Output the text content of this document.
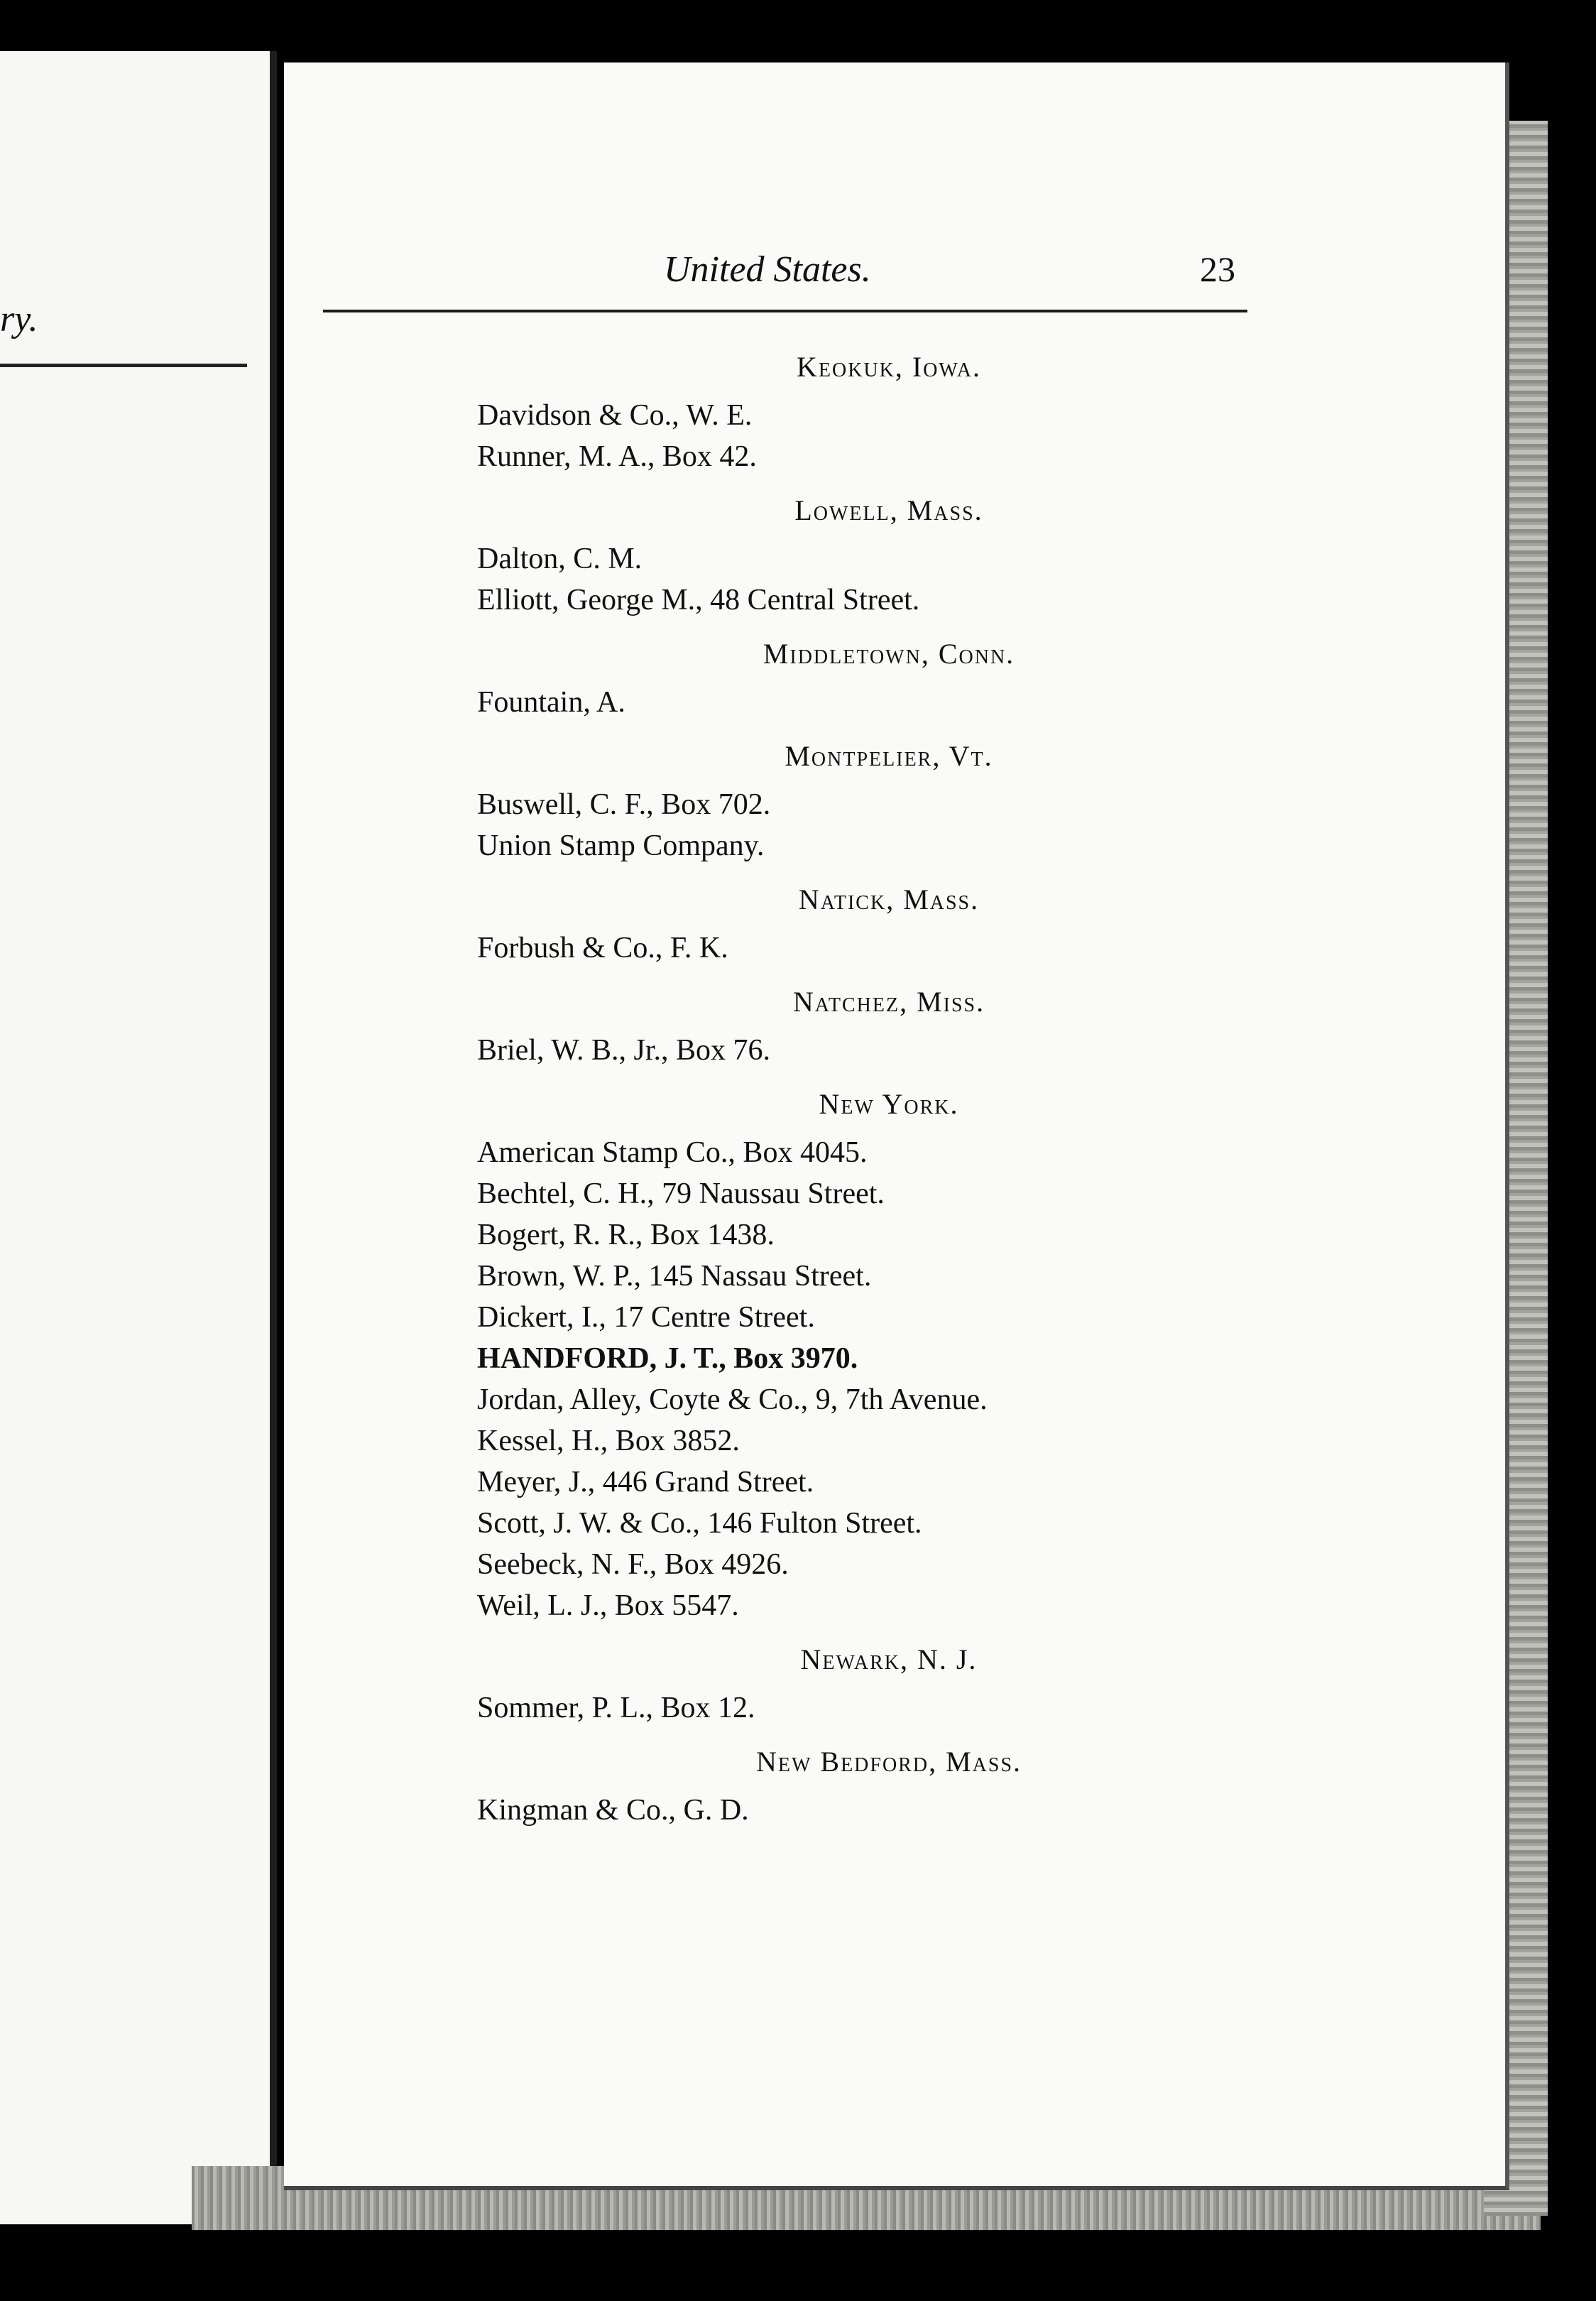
ry.
United States.	23
Keokuk, Iowa.
Davidson & Co., W. E.
Runner, M. A., Box 42.
Lowell, Mass.
Dalton, C. M.
Elliott, George M., 48 Central Street.
Middletown, Conn.
Fountain, A.
Montpelier, Vt.
Buswell, C. F., Box 702.
Union Stamp Company.
Natick, Mass.
Forbush & Co., F. K.
Natchez, Miss.
Briel, W. B., Jr., Box 76.
New York.
American Stamp Co., Box 4045.
Bechtel, C. H., 79 Naussau Street.
Bogert, R. R., Box 1438.
Brown, W. P., 145 Nassau Street.
Dickert, I., 17 Centre Street.
HANDFORD, J. T., Box 3970.
Jordan, Alley, Coyte & Co., 9, 7th Avenue.
Kessel, H., Box 3852.
Meyer, J., 446 Grand Street.
Scott, J. W. & Co., 146 Fulton Street.
Seebeck, N. F., Box 4926.
Weil, L. J., Box 5547.
Newark, N. J.
Sommer, P. L., Box 12.
New Bedford, Mass.
Kingman & Co., G. D.
